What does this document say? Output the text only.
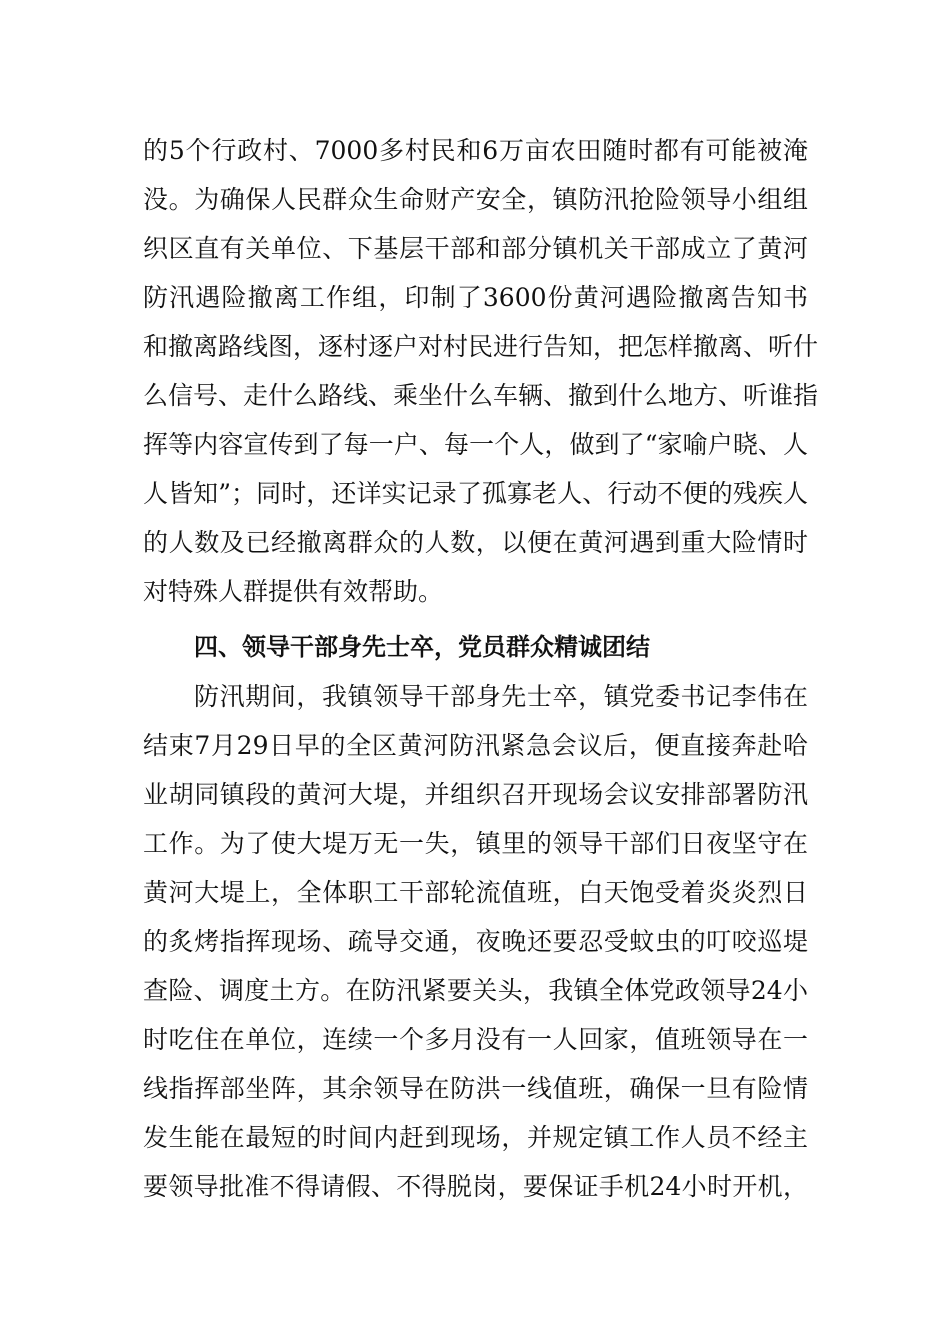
的5个行政村、7000多村民和6万亩农田随时都有可能被淹
没。为确保人民群众生命财产安全，镇防汛抢险领导小组组
织区直有关单位、下基层干部和部分镇机关干部成立了黄河
防汛遇险撤离工作组，印制了3600份黄河遇险撤离告知书
和撤离路线图，逐村逐户对村民进行告知，把怎样撤离、听什
么信号、走什么路线、乘坐什么车辆、撤到什么地方、听谁指
挥等内容宣传到了每一户、每一个人，做到了“家喻户晓、人
人皆知”；同时，还详实记录了孤寡老人、行动不便的残疾人
的人数及已经撤离群众的人数，以便在黄河遇到重大险情时
对特殊人群提供有效帮助。
四、领导干部身先士卒，党员群众精诚团结
防汛期间，我镇领导干部身先士卒，镇党委书记李伟在
结束7月29日早的全区黄河防汛紧急会议后，便直接奔赴哈
业胡同镇段的黄河大堤，并组织召开现场会议安排部署防汛
工作。为了使大堤万无一失，镇里的领导干部们日夜坚守在
黄河大堤上，全体职工干部轮流值班，白天饱受着炎炎烈日
的炙烤指挥现场、疏导交通，夜晚还要忍受蚊虫的叮咬巡堤
查险、调度土方。在防汛紧要关头，我镇全体党政领导24小
时吃住在单位，连续一个多月没有一人回家，值班领导在一
线指挥部坐阵，其余领导在防洪一线值班，确保一旦有险情
发生能在最短的时间内赶到现场，并规定镇工作人员不经主
要领导批准不得请假、不得脱岗，要保证手机24小时开机，
